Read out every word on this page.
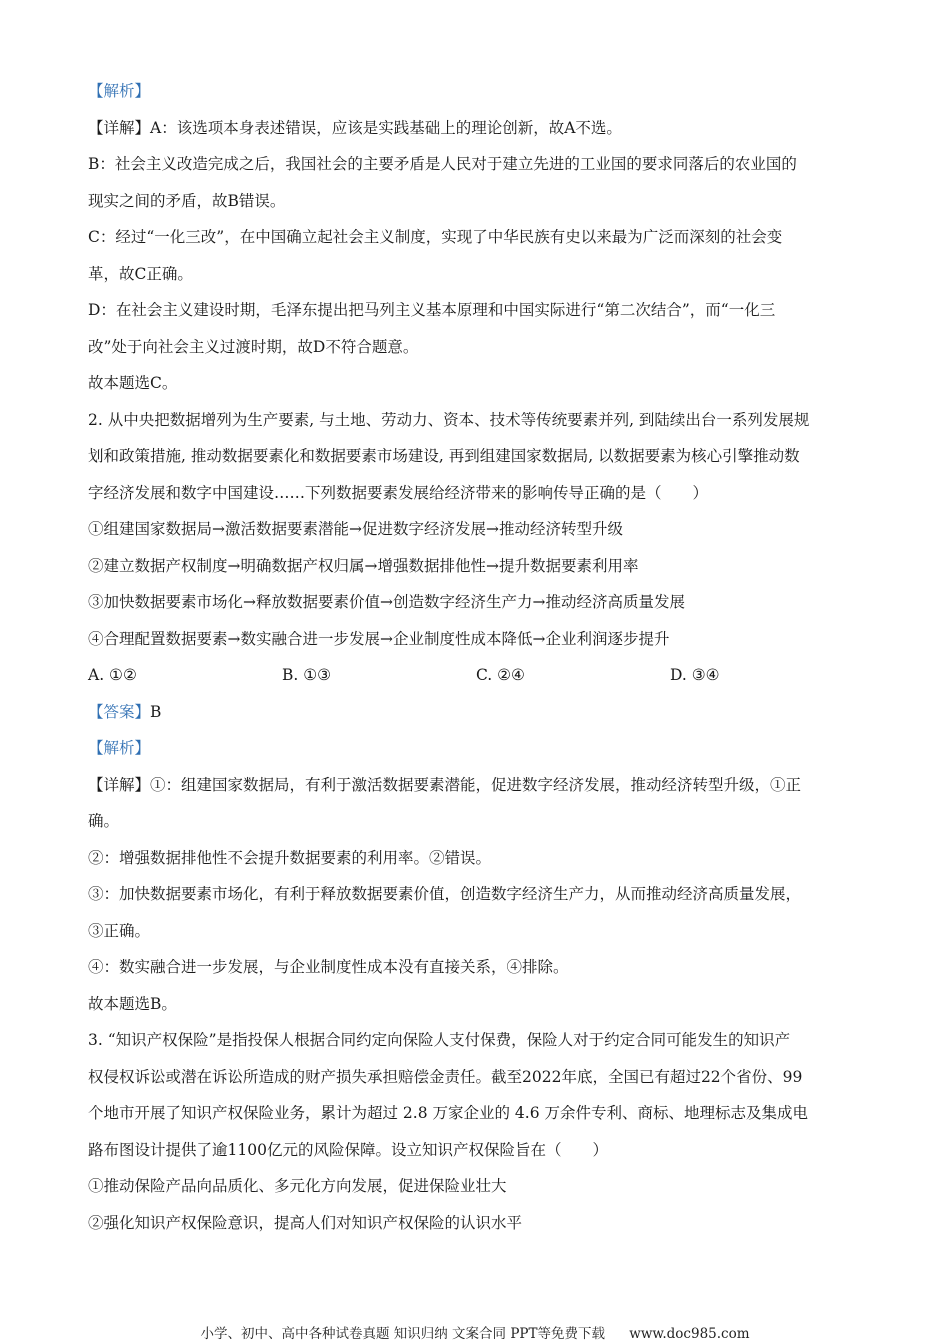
【解析】
【详解】A：该选项本身表述错误，应该是实践基础上的理论创新，故A不选。
B：社会主义改造完成之后，我国社会的主要矛盾是人民对于建立先进的工业国的要求同落后的农业国的
现实之间的矛盾，故B错误。
C：经过“一化三改”，在中国确立起社会主义制度，实现了中华民族有史以来最为广泛而深刻的社会变
革，故C正确。
D：在社会主义建设时期，毛泽东提出把马列主义基本原理和中国实际进行“第二次结合”，而“一化三
改”处于向社会主义过渡时期，故D不符合题意。
故本题选C。
2. 从中央把数据增列为生产要素, 与土地、劳动力、资本、技术等传统要素并列, 到陆续出台一系列发展规
划和政策措施, 推动数据要素化和数据要素市场建设, 再到组建国家数据局, 以数据要素为核心引擎推动数
字经济发展和数字中国建设……下列数据要素发展给经济带来的影响传导正确的是（　　）
①组建国家数据局→激活数据要素潜能→促进数字经济发展→推动经济转型升级
②建立数据产权制度→明确数据产权归属→增强数据排他性→提升数据要素利用率
③加快数据要素市场化→释放数据要素价值→创造数字经济生产力→推动经济高质量发展
④合理配置数据要素→数实融合进一步发展→企业制度性成本降低→企业利润逐步提升
A. ①②	B. ①③	C. ②④	D. ③④
【答案】B
【解析】
【详解】①：组建国家数据局，有利于激活数据要素潜能，促进数字经济发展，推动经济转型升级，①正
确。
②：增强数据排他性不会提升数据要素的利用率。②错误。
③：加快数据要素市场化，有利于释放数据要素价值，创造数字经济生产力，从而推动经济高质量发展，
③正确。
④：数实融合进一步发展，与企业制度性成本没有直接关系，④排除。
故本题选B。
3. “知识产权保险”是指投保人根据合同约定向保险人支付保费，保险人对于约定合同可能发生的知识产
权侵权诉讼或潜在诉讼所造成的财产损失承担赔偿金责任。截至2022年底，全国已有超过22个省份、99
个地市开展了知识产权保险业务，累计为超过 2.8 万家企业的 4.6 万余件专利、商标、地理标志及集成电
路布图设计提供了逾1100亿元的风险保障。设立知识产权保险旨在（　　）
①推动保险产品向品质化、多元化方向发展，促进保险业壮大
②强化知识产权保险意识，提高人们对知识产权保险的认识水平
小学、初中、高中各种试卷真题 知识归纳 文案合同 PPT等免费下载 www.doc985.com
